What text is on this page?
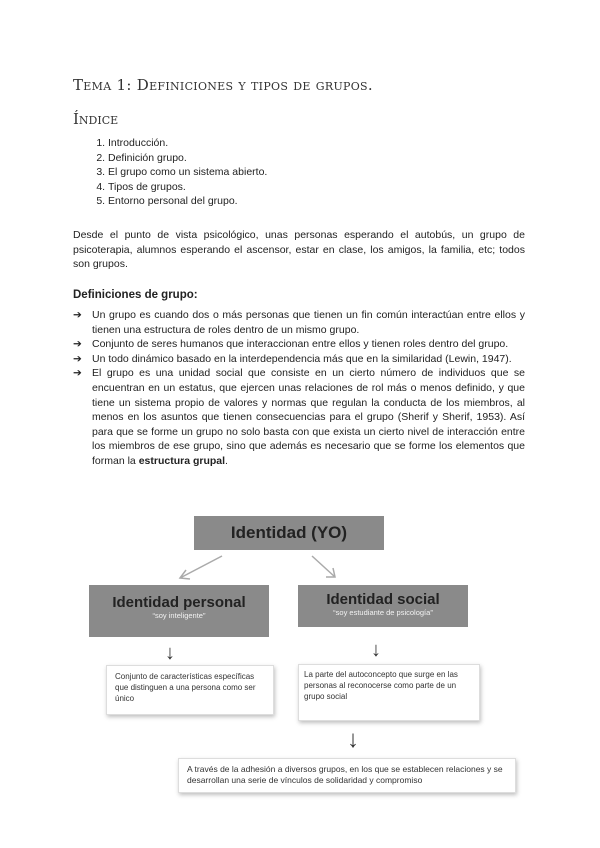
Tema 1: Definiciones y tipos de grupos.
Índice
1. Introducción.
2. Definición grupo.
3. El grupo como un sistema abierto.
4. Tipos de grupos.
5. Entorno personal del grupo.

Desde el punto de vista psicológico, unas personas esperando el autobús, un grupo de psicoterapia, alumnos esperando el ascensor, estar en clase, los amigos, la familia, etc; todos son grupos.

Definiciones de grupo:

➔ Un grupo es cuando dos o más personas que tienen un fin común interactúan entre ellos y tienen una estructura de roles dentro de un mismo grupo.
➔ Conjunto de seres humanos que interaccionan entre ellos y tienen roles dentro del grupo.
➔ Un todo dinámico basado en la interdependencia más que en la similaridad (Lewin, 1947).
➔ El grupo es una unidad social que consiste en un cierto número de individuos que se encuentran en un estatus, que ejercen unas relaciones de rol más o menos definido, y que tiene un sistema propio de valores y normas que regulan la conducta de los miembros, al menos en los asuntos que tienen consecuencias para el grupo (Sherif y Sherif, 1953). Así para que se forme un grupo no solo basta con que exista un cierto nivel de interacción entre los miembros de ese grupo, sino que además es necesario que se forme los elementos que forman la estructura grupal.
Identidad (YO)
Identidad personal
“soy inteligente”
Identidad social
“soy estudiante de psicología”
↓	↓
Conjunto de características específicas que distinguen a una persona como ser único
La parte del autoconcepto que surge en las personas al reconocerse como parte de un grupo social
↓
A través de la adhesión a diversos grupos, en los que se establecen relaciones y se desarrollan una serie de vínculos de solidaridad y compromiso
